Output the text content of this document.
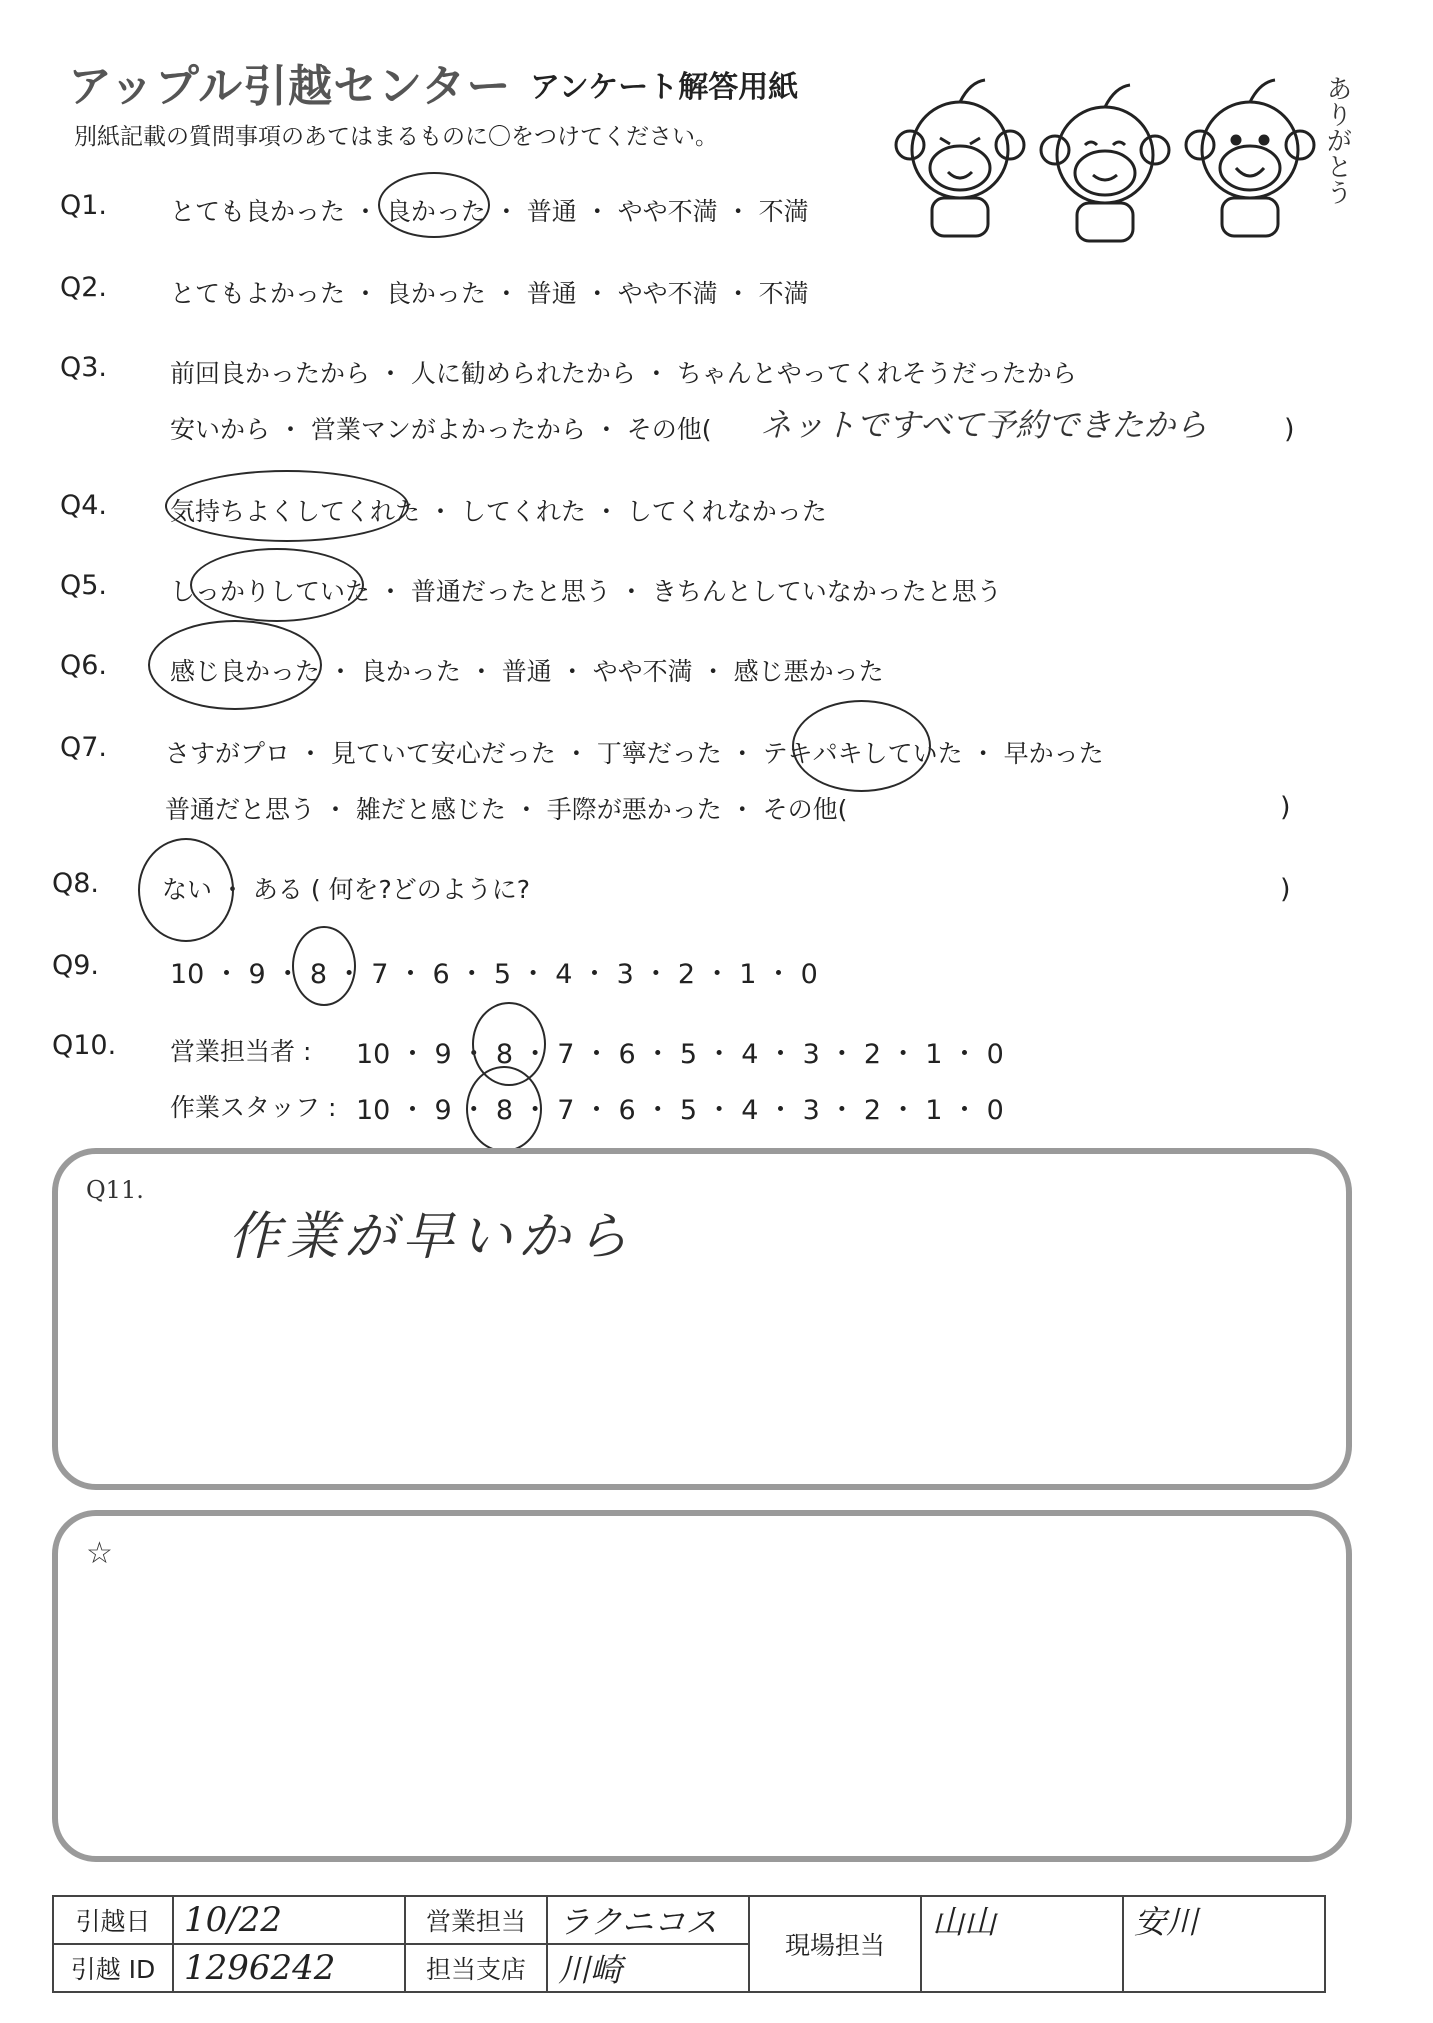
アップル引越センター アンケート解答用紙
別紙記載の質問事項のあてはまるものに〇をつけてください。	ありがとう
Q1.	とても良かった ・ 良かった ・ 普通 ・ やや不満 ・ 不満
Q2.	とてもよかった ・ 良かった ・ 普通 ・ やや不満 ・ 不満
Q3.	前回良かったから ・ 人に勧められたから ・ ちゃんとやってくれそうだったから
安いから ・ 営業マンがよかったから ・ その他( ネットですべて予約できたから	)
Q4.	気持ちよくしてくれた ・ してくれた ・ してくれなかった
Q5.	しっかりしていた ・ 普通だったと思う ・ きちんとしていなかったと思う
Q6.	感じ良かった ・ 良かった ・ 普通 ・ やや不満 ・ 感じ悪かった
Q7. さすがプロ ・ 見ていて安心だった ・ 丁寧だった ・ テキパキしていた ・ 早かった
普通だと思う ・ 雑だと感じた ・ 手際が悪かった ・ その他(	)
Q8.	ない ・ ある ( 何を?どのように?	)
Q9.	10 ・ 9 ・ 8 ・ 7 ・ 6 ・ 5 ・ 4 ・ 3 ・ 2 ・ 1 ・ 0
Q10. 営業担当者 : 10 ・ 9 ・ 8 ・ 7 ・ 6 ・ 5 ・ 4 ・ 3 ・ 2 ・ 1 ・ 0
作業スタッフ : 10 ・ 9 ・ 8 ・ 7 ・ 6 ・ 5 ・ 4 ・ 3 ・ 2 ・ 1 ・ 0
Q11.
作業が早いから
☆
引越日	10/22	営業担当	ラクニコス	現場担当	山山	安川
引越 ID	1296242	担当支店	川崎			
